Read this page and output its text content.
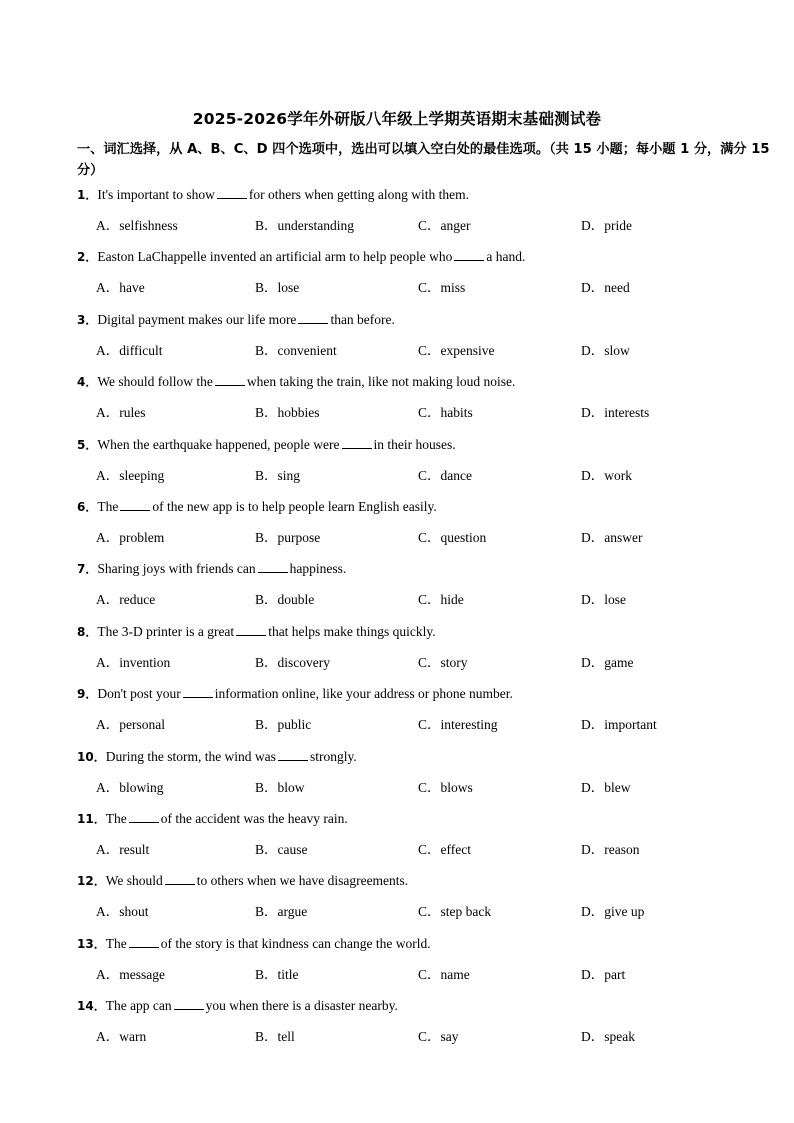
2025-2026学年外研版八年级上学期英语期末基础测试卷
一、词汇选择，从 A、B、C、D 四个选项中，选出可以填入空白处的最佳选项。（共 15 小题；每小题 1 分，满分 15 分）
1．It's important to show	for others when getting along with them.
A．selfishness	B．understanding	C．anger	D．pride
2．Easton LaChappelle invented an artificial arm to help people who	a hand.
A．have	B．lose	C．miss	D．need
3．Digital payment makes our life more	than before.
A．difficult	B．convenient	C．expensive	D．slow
4．We should follow the	when taking the train, like not making loud noise.
A．rules	B．hobbies	C．habits	D．interests
5．When the earthquake happened, people were	in their houses.
A．sleeping	B．sing	C．dance	D．work
6．The	of the new app is to help people learn English easily.
A．problem	B．purpose	C．question	D．answer
7．Sharing joys with friends can	happiness.
A．reduce	B．double	C．hide	D．lose
8．The 3-D printer is a great	that helps make things quickly.
A．invention	B．discovery	C．story	D．game
9．Don't post your	information online, like your address or phone number.
A．personal	B．public	C．interesting	D．important
10．During the storm, the wind was	strongly.
A．blowing	B．blow	C．blows	D．blew
11．The	of the accident was the heavy rain.
A．result	B．cause	C．effect	D．reason
12．We should	to others when we have disagreements.
A．shout	B．argue	C．step back	D．give up
13．The	of the story is that kindness can change the world.
A．message	B．title	C．name	D．part
14．The app can	you when there is a disaster nearby.
A．warn	B．tell	C．say	D．speak
